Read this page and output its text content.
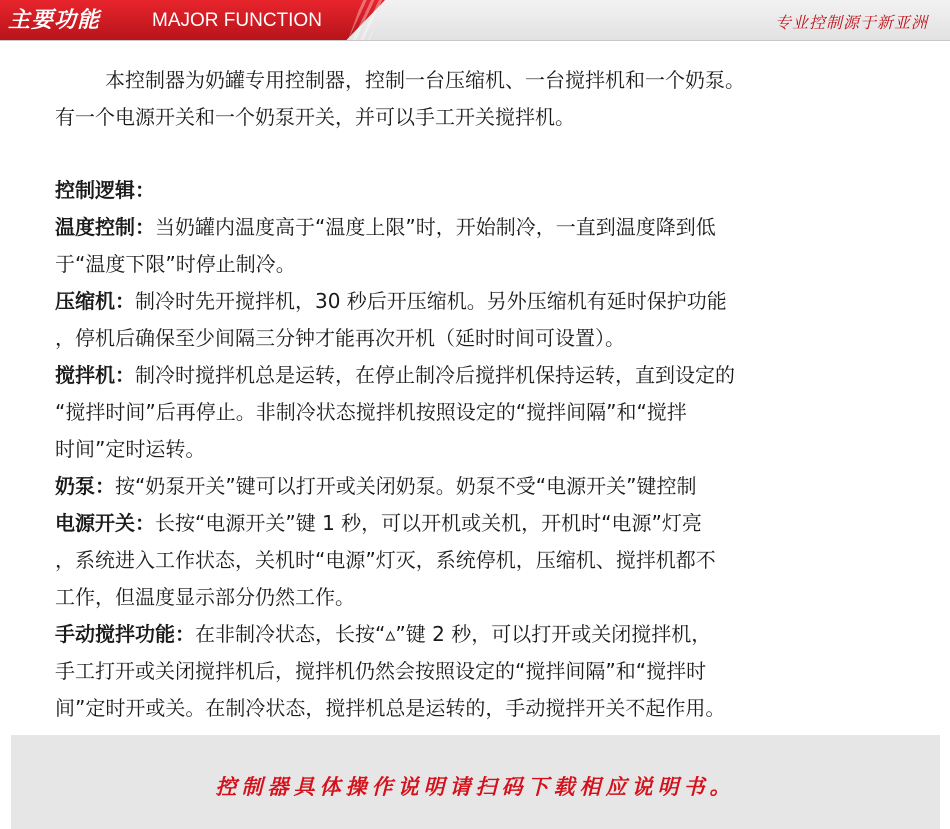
主要功能	MAJOR FUNCTION	专业控制源于新亚洲

本控制器为奶罐专用控制器，控制一台压缩机、一台搅拌机和一个奶泵。

有一个电源开关和一个奶泵开关，并可以手工开关搅拌机。

控制逻辑：

温度控制：当奶罐内温度高于“温度上限”时，开始制冷，一直到温度降到低

于“温度下限”时停止制冷。

压缩机：制冷时先开搅拌机，30 秒后开压缩机。另外压缩机有延时保护功能

，停机后确保至少间隔三分钟才能再次开机（延时时间可设置）。

搅拌机：制冷时搅拌机总是运转，在停止制冷后搅拌机保持运转，直到设定的

“搅拌时间”后再停止。非制冷状态搅拌机按照设定的“搅拌间隔”和“搅拌

时间”定时运转。

奶泵：按“奶泵开关”键可以打开或关闭奶泵。奶泵不受“电源开关”键控制

电源开关：长按“电源开关”键 1 秒，可以开机或关机，开机时“电源”灯亮

，系统进入工作状态，关机时“电源”灯灭，系统停机，压缩机、搅拌机都不

工作，但温度显示部分仍然工作。

手动搅拌功能：在非制冷状态，长按“▵”键 2 秒，可以打开或关闭搅拌机，

手工打开或关闭搅拌机后，搅拌机仍然会按照设定的“搅拌间隔”和“搅拌时

间”定时开或关。在制冷状态，搅拌机总是运转的，手动搅拌开关不起作用。

控制器具体操作说明请扫码下载相应说明书。
